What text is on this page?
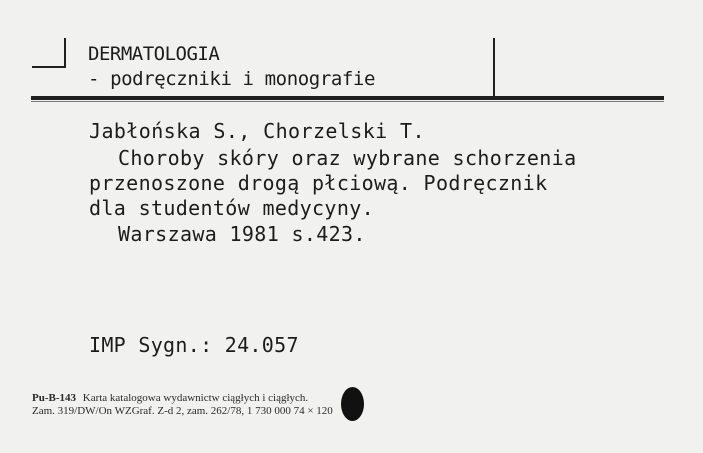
DERMATOLOGIA
- podręczniki i monografie
Jabłońska S., Chorzelski T.
Choroby skóry oraz wybrane schorzenia
przenoszone drogą płciową. Podręcznik
dla studentów medycyny.
Warszawa 1981 s.423.
IMP Sygn.: 24.057
Pu-B-143 Karta katalogowa wydawnictw ciągłych i ciągłych.
Zam. 319/DW/On WZGraf. Z-d 2, zam. 262/78, 1 730 000 74 × 120
